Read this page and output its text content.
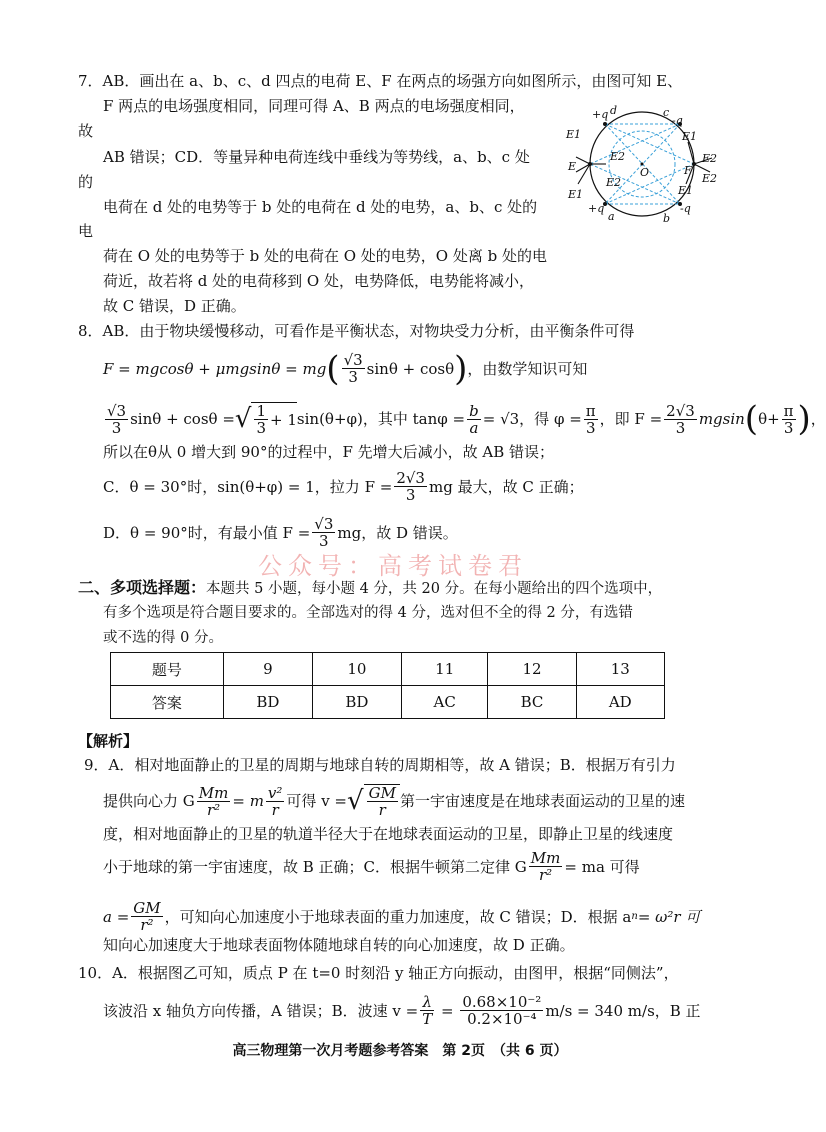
7．AB．画出在 a、b、c、d 四点的电荷 E、F 在两点的场强方向如图所示，由图可知 E、
F 两点的电场强度相同，同理可得 A、B 两点的电场强度相同，
故
AB 错误；CD．等量异种电荷连线中垂线为等势线，a、b、c 处
的
电荷在 d 处的电势等于 b 处的电荷在 d 处的电势，a、b、c 处的
电
荷在 O 处的电势等于 b 处的电荷在 O 处的电势，O 处离 b 处的电
荷近，故若将 d 处的电荷移到 O 处，电势降低，电势能将减小，
故 C 错误，D 正确。
d	c
+q	-q
+q	-q
a	b
E1
E2
E
E1
E2
O	F
E1
E2
E2
E1
8．AB．由于物块缓慢移动，可看作是平衡状态，对物块受力分析，由平衡条件可得
F = mgcosθ + μmgsinθ = mg ( $\frac{√3}{3}$ sinθ + cosθ ) ，由数学知识可知
$\frac{√3}{3}$ sinθ + cosθ = √ $\frac{1}{3} + 1$ sin(θ+φ)，其中 $\tan\varphi = \frac{b}{a} = √3$，得 $\varphi = \frac{\pi}{3}$ ，即 $F = \frac{2√3}{3}$ mgsin ( $\theta+ \frac{\pi}{3}$ ) ，
所以在θ从 0 增大到 90°的过程中，F 先增大后减小，故 AB 错误；
C．θ = 30°时，sin(θ+φ) = 1，拉力 $F = \frac{2√3}{3}$ mg 最大，故 C 正确；
D．θ = 90°时，有最小值 $F = \frac{√3}{3}$ mg，故 D 错误。
公众号：高考试卷君
二、多项选择题：本题共 5 小题，每小题 4 分，共 20 分。在每小题给出的四个选项中，
有多个选项是符合题目要求的。全部选对的得 4 分，选对但不全的得 2 分，有选错
或不选的得 0 分。
题号	9	10	11	12	13
答案	BD	BD	AC	BC	AD
【解析】
9．A．相对地面静止的卫星的周期与地球自转的周期相等，故 A 错误；B．根据万有引力
提供向心力 G $\frac{Mm}{\text{r²}} = m \frac{\text{v²}}{r}$ 可得 v = √ $\frac{GM}{r}$ 第一宇宙速度是在地球表面运动的卫星的速
度，相对地面静止的卫星的轨道半径大于在地球表面运动的卫星，即静止卫星的线速度
小于地球的第一宇宙速度，故 B 正确；C．根据牛顿第二定律 G $\frac{Mm}{\text{r²}}$ = ma 可得
$a = \frac{GM}{\text{r²}}$ ，可知向心加速度小于地球表面的重力加速度，故 C 错误；D．根据 a n = ω²r 可
知向心加速度大于地球表面物体随地球自转的向心加速度，故 D 正确。
10．A．根据图乙可知，质点 P 在 t=0 时刻沿 y 轴正方向振动，由图甲，根据“同侧法”，
该波沿 x 轴负方向传播，A 错误；B．波速 $v = \frac{\lambda}{T} = \frac{\text{0.68×10⁻²}}{\text{0.2×10⁻⁴}} m/s = 340$ m/s，B 正
高三物理第一次月考题参考答案　第 2页　（共 6 页）
